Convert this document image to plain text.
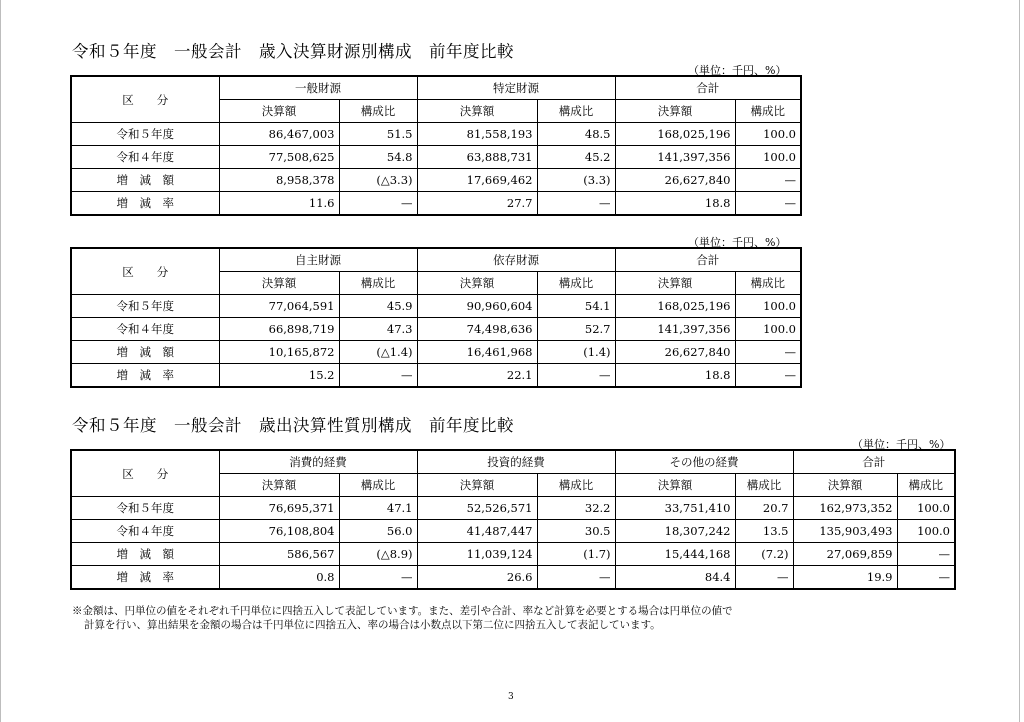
令和５年度　一般会計　歳入決算財源別構成　前年度比較
（単位：千円、%）
区　　分	一般財源		特定財源		合計	
	決算額	構成比	決算額	構成比	決算額	構成比
令和５年度	86,467,003	51.5	81,558,193	48.5	168,025,196	100.0
令和４年度	77,508,625	54.8	63,888,731	45.2	141,397,356	100.0
増　減　額	8,958,378	(△3.3)	17,669,462	(3.3)	26,627,840	—
増　減　率	11.6	—	27.7	—	18.8	—
（単位：千円、%）
区　　分	自主財源		依存財源		合計	
	決算額	構成比	決算額	構成比	決算額	構成比
令和５年度	77,064,591	45.9	90,960,604	54.1	168,025,196	100.0
令和４年度	66,898,719	47.3	74,498,636	52.7	141,397,356	100.0
増　減　額	10,165,872	(△1.4)	16,461,968	(1.4)	26,627,840	—
増　減　率	15.2	—	22.1	—	18.8	—
令和５年度　一般会計　歳出決算性質別構成　前年度比較
（単位：千円、%）
区　　分	消費的経費		投資的経費		その他の経費		合計	
	決算額	構成比	決算額	構成比	決算額	構成比	決算額	構成比
令和５年度	76,695,371	47.1	52,526,571	32.2	33,751,410	20.7	162,973,352	100.0
令和４年度	76,108,804	56.0	41,487,447	30.5	18,307,242	13.5	135,903,493	100.0
増　減　額	586,567	(△8.9)	11,039,124	(1.7)	15,444,168	(7.2)	27,069,859	—
増　減　率	0.8	—	26.6	—	84.4	—	19.9	—
※金額は、円単位の値をそれぞれ千円単位に四捨五入して表記しています。また、差引や合計、率など計算を必要とする場合は円単位の値で
計算を行い、算出結果を金額の場合は千円単位に四捨五入、率の場合は小数点以下第二位に四捨五入して表記しています。
3
